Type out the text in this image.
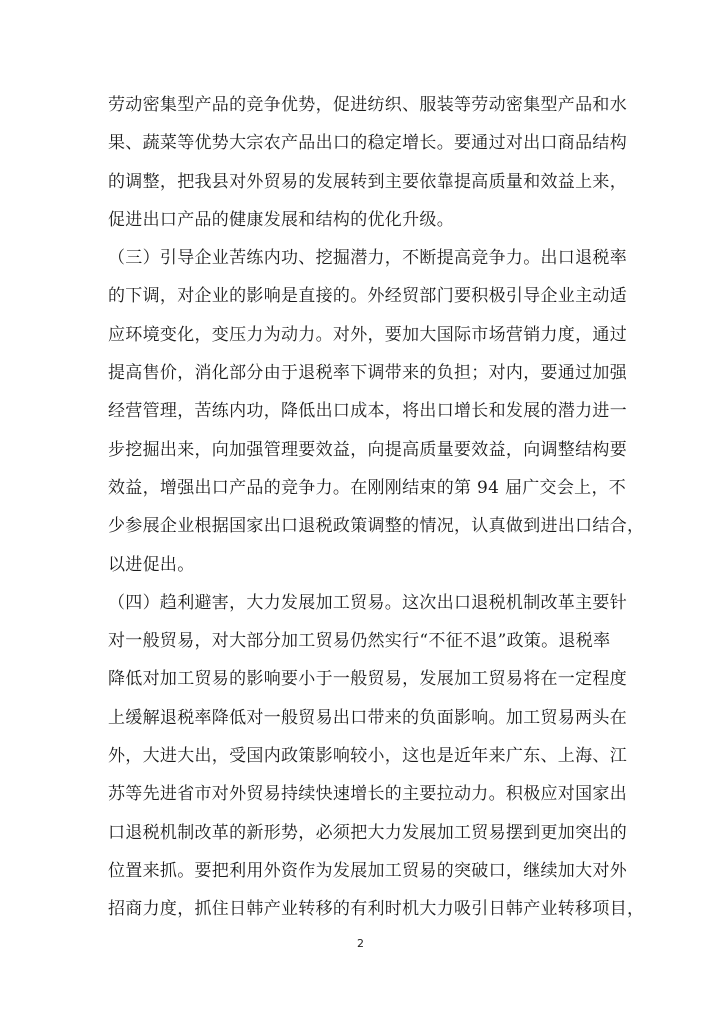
劳动密集型产品的竞争优势，促进纺织、服装等劳动密集型产品和水
果、蔬菜等优势大宗农产品出口的稳定增长。要通过对出口商品结构
的调整，把我县对外贸易的发展转到主要依靠提高质量和效益上来，
促进出口产品的健康发展和结构的优化升级。
（三）引导企业苦练内功、挖掘潜力，不断提高竞争力。出口退税率
的下调，对企业的影响是直接的。外经贸部门要积极引导企业主动适
应环境变化，变压力为动力。对外，要加大国际市场营销力度，通过
提高售价，消化部分由于退税率下调带来的负担；对内，要通过加强
经营管理，苦练内功，降低出口成本，将出口增长和发展的潜力进一
步挖掘出来，向加强管理要效益，向提高质量要效益，向调整结构要
效益，增强出口产品的竞争力。在刚刚结束的第 94 届广交会上，不
少参展企业根据国家出口退税政策调整的情况，认真做到进出口结合，
以进促出。
（四）趋利避害，大力发展加工贸易。这次出口退税机制改革主要针
对一般贸易，对大部分加工贸易仍然实行“不征不退”政策。退税率
降低对加工贸易的影响要小于一般贸易，发展加工贸易将在一定程度
上缓解退税率降低对一般贸易出口带来的负面影响。加工贸易两头在
外，大进大出，受国内政策影响较小，这也是近年来广东、上海、江
苏等先进省市对外贸易持续快速增长的主要拉动力。积极应对国家出
口退税机制改革的新形势，必须把大力发展加工贸易摆到更加突出的
位置来抓。要把利用外资作为发展加工贸易的突破口，继续加大对外
招商力度，抓住日韩产业转移的有利时机大力吸引日韩产业转移项目，
2
